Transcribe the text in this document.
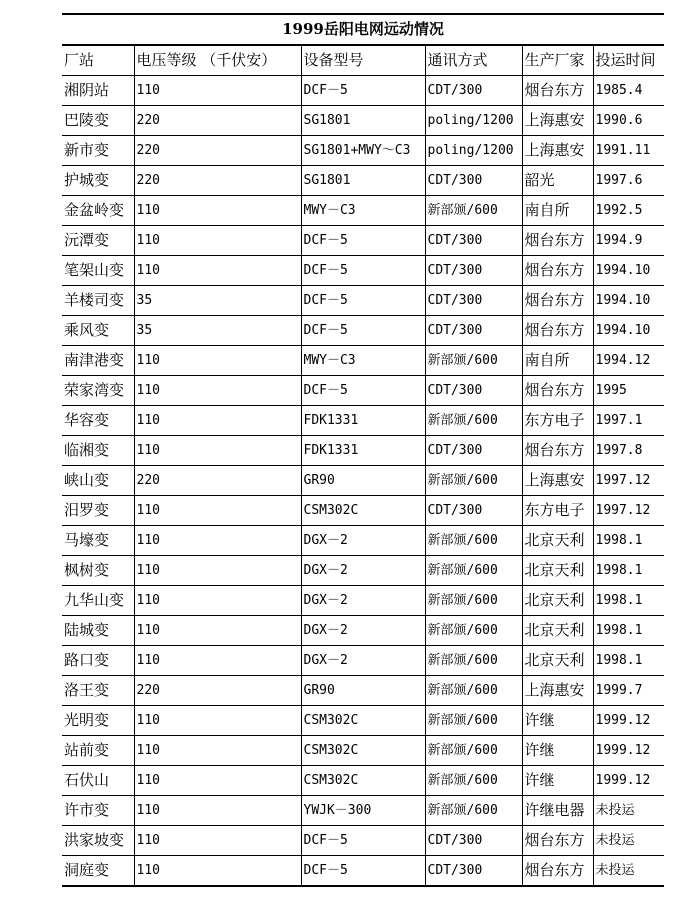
1999岳阳电网远动情况
厂站	电压等级 （千伏安）	设备型号	通讯方式	生产厂家	投运时间
湘阴站	110	DCF－5	CDT/300	烟台东方	1985.4
巴陵变	220	SG1801	poling/1200	上海惠安	1990.6
新市变	220	SG1801+MWY～C3	poling/1200	上海惠安	1991.11
护城变	220	SG1801	CDT/300	韶光	1997.6
金盆岭变	110	MWY－C3	新部颁/600	南自所	1992.5
沅潭变	110	DCF－5	CDT/300	烟台东方	1994.9
笔架山变	110	DCF－5	CDT/300	烟台东方	1994.10
羊楼司变	35	DCF－5	CDT/300	烟台东方	1994.10
乘风变	35	DCF－5	CDT/300	烟台东方	1994.10
南津港变	110	MWY－C3	新部颁/600	南自所	1994.12
荣家湾变	110	DCF－5	CDT/300	烟台东方	1995
华容变	110	FDK1331	新部颁/600	东方电子	1997.1
临湘变	110	FDK1331	CDT/300	烟台东方	1997.8
峡山变	220	GR90	新部颁/600	上海惠安	1997.12
汨罗变	110	CSM302C	CDT/300	东方电子	1997.12
马壕变	110	DGX－2	新部颁/600	北京天利	1998.1
枫树变	110	DGX－2	新部颁/600	北京天利	1998.1
九华山变	110	DGX－2	新部颁/600	北京天利	1998.1
陆城变	110	DGX－2	新部颁/600	北京天利	1998.1
路口变	110	DGX－2	新部颁/600	北京天利	1998.1
洛王变	220	GR90	新部颁/600	上海惠安	1999.7
光明变	110	CSM302C	新部颁/600	许继	1999.12
站前变	110	CSM302C	新部颁/600	许继	1999.12
石伏山	110	CSM302C	新部颁/600	许继	1999.12
许市变	110	YWJK－300	新部颁/600	许继电器	未投运
洪家坡变	110	DCF－5	CDT/300	烟台东方	未投运
洞庭变	110	DCF－5	CDT/300	烟台东方	未投运
